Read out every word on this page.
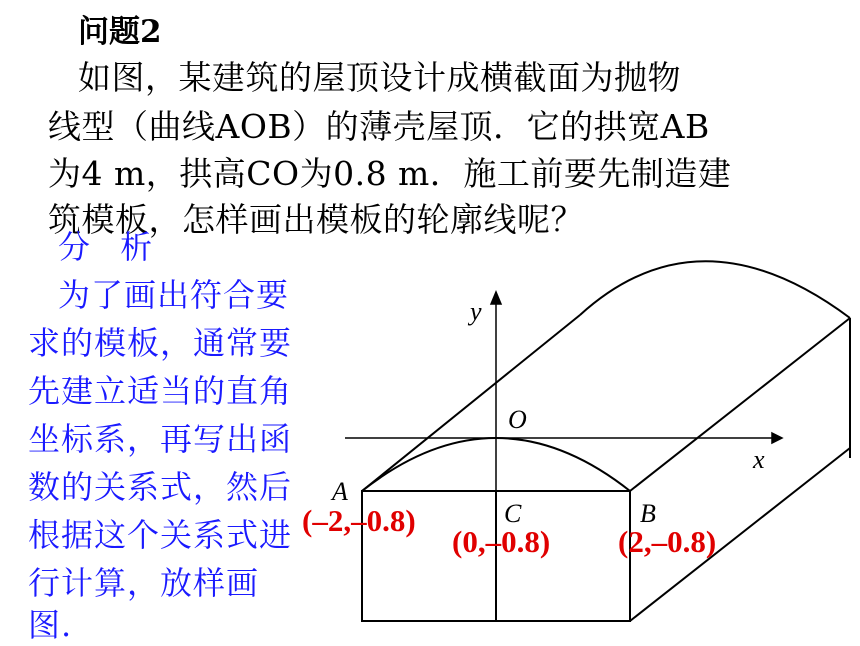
问题2
如图，某建筑的屋顶设计成横截面为抛物
线型（曲线AOB）的薄壳屋顶．它的拱宽AB
为4 m，拱高CO为0.8 m．施工前要先制造建
筑模板，怎样画出模板的轮廓线呢？
y
x
O
A
C	B
分 析
为了画出符合要
求的模板，通常要
先建立适当的直角
坐标系，再写出函
数的关系式，然后
根据这个关系式进
行计算，放样画
图.
(–2,–0.8)
(0,–0.8) (2,–0.8)
